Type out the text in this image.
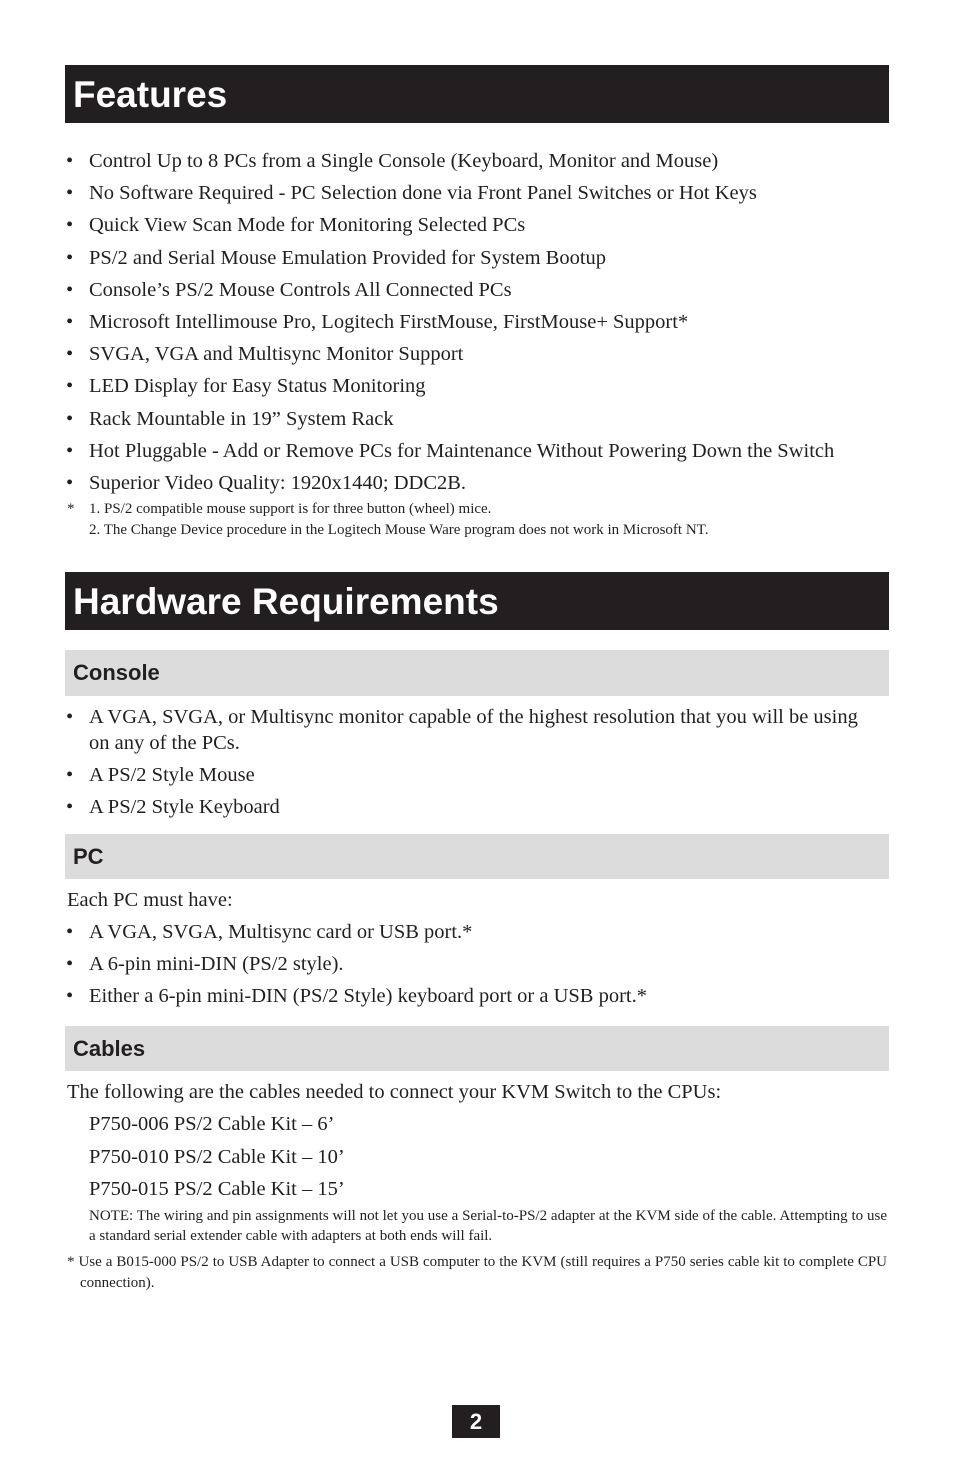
Features
• Control Up to 8 PCs from a Single Console (Keyboard, Monitor and Mouse)
• No Software Required - PC Selection done via Front Panel Switches or Hot Keys
• Quick View Scan Mode for Monitoring Selected PCs
• PS/2 and Serial Mouse Emulation Provided for System Bootup
• Console’s PS/2 Mouse Controls All Connected PCs
• Microsoft Intellimouse Pro, Logitech FirstMouse, FirstMouse+ Support*
• SVGA, VGA and Multisync Monitor Support
• LED Display for Easy Status Monitoring
• Rack Mountable in 19” System Rack
• Hot Pluggable - Add or Remove PCs for Maintenance Without Powering Down the Switch
• Superior Video Quality: 1920x1440; DDC2B.
* 1. PS/2 compatible mouse support is for three button (wheel) mice.
2. The Change Device procedure in the Logitech Mouse Ware program does not work in Microsoft NT.
Hardware Requirements
Console
• A VGA, SVGA, or Multisync monitor capable of the highest resolution that you will be using on any of the PCs.
• A PS/2 Style Mouse
• A PS/2 Style Keyboard
PC
Each PC must have:
• A VGA, SVGA, Multisync card or USB port.*
• A 6-pin mini-DIN (PS/2 style).
• Either a 6-pin mini-DIN (PS/2 Style) keyboard port or a USB port.*
Cables
The following are the cables needed to connect your KVM Switch to the CPUs:
P750-006 PS/2 Cable Kit – 6’
P750-010 PS/2 Cable Kit – 10’
P750-015 PS/2 Cable Kit – 15’
NOTE: The wiring and pin assignments will not let you use a Serial-to-PS/2 adapter at the KVM side of the cable. Attempting to use a standard serial extender cable with adapters at both ends will fail.
* Use a B015-000 PS/2 to USB Adapter to connect a USB computer to the KVM (still requires a P750 series cable kit to complete CPU connection).
2
